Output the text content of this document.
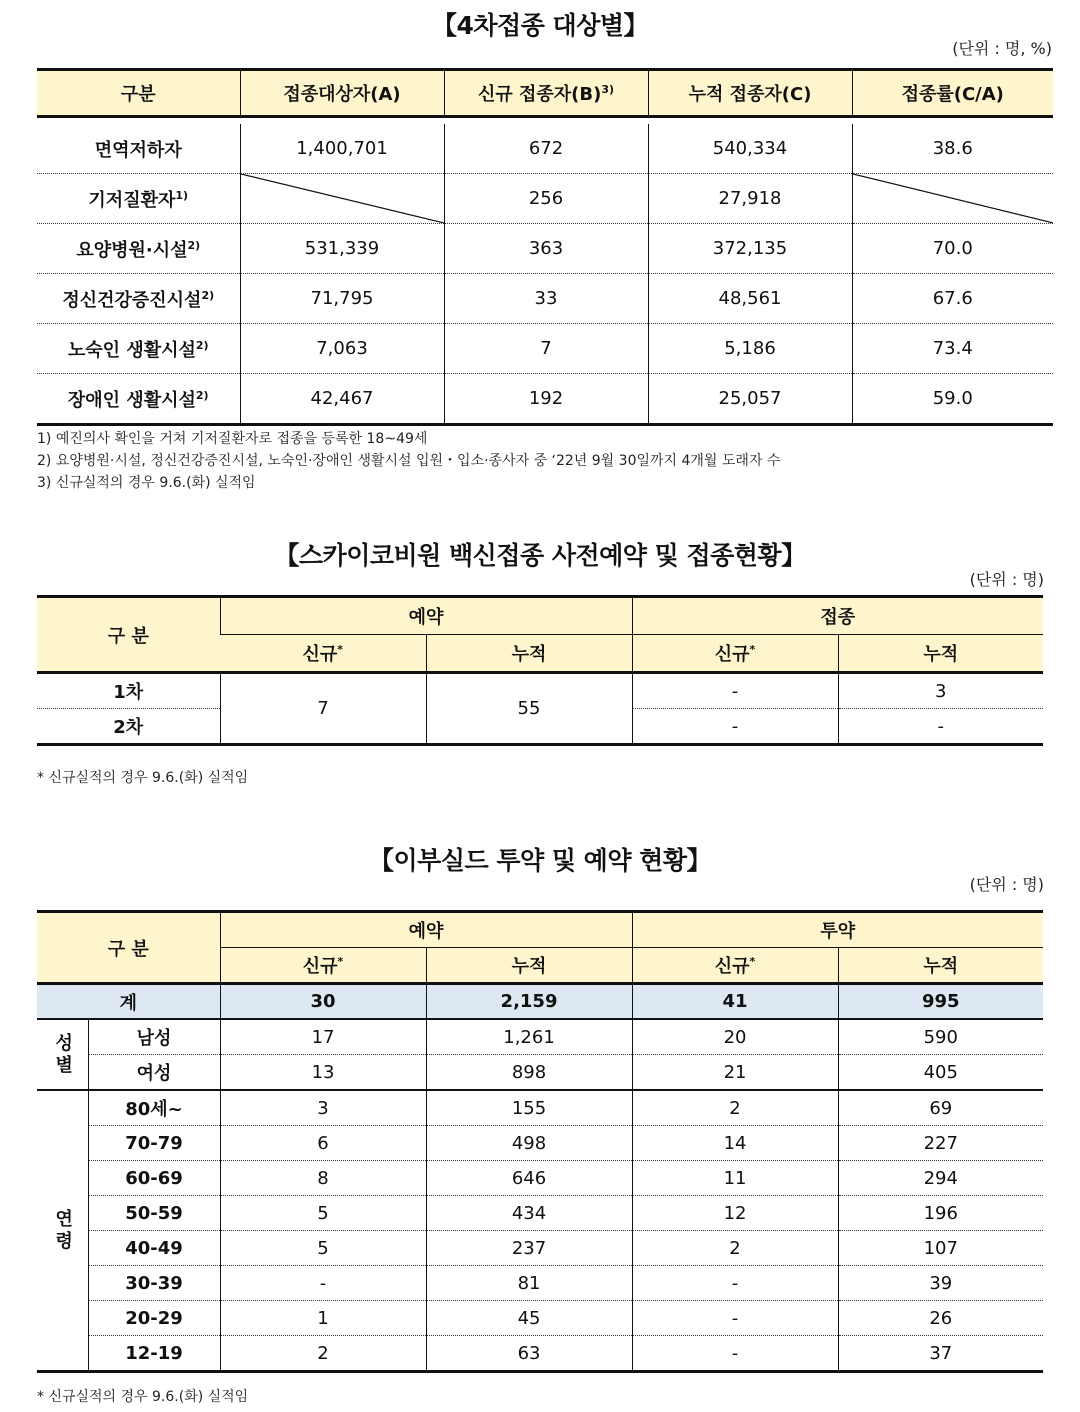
【4차접종 대상별】
(단위 : 명, %)
구분	접종대상자(A)	신규 접종자$(B)^{3)}$	누적 접종자(C)	접종률(C/A)

면역저하자	1,400,701	672	540,334	38.6
기저질환자$^{1)}$		256	27,918	

요양병원·시설$^{2)}$	531,339	363	372,135	70.0
정신건강증진시설$^{2)}$	71,795	33	48,561	67.6
노숙인 생활시설$^{2)}$	7,063	7	5,186	73.4
장애인 생활시설$^{2)}$	42,467	192	25,057	59.0
1) 예진의사 확인을 거쳐 기저질환자로 접종을 등록한 18~49세
2) 요양병원·시설, 정신건강증진시설, 노숙인·장애인 생활시설 입원・입소·종사자 중 ‘22년 9월 30일까지 4개월 도래자 수
3) 신규실적의 경우 9.6.(화) 실적임
【스카이코비원 백신접종 사전예약 및 접종현황】
(단위 : 명)
구 분	예약		접종	
	신규*	누적	신규*	누적
1차	7	55	-	3
2차			-	-
* 신규실적의 경우 9.6.(화) 실적임
【이부실드 투약 및 예약 현황】
(단위 : 명)
구 분		예약		투약	
		신규*	누적	신규*	누적
계		30	2,159	41	995
성별	남성	17	1,261	20	590
	여성	13	898	21	405
연령	80세~	3	155	2	69
	70-79	6	498	14	227
	60-69	8	646	11	294
	50-59	5	434	12	196
	40-49	5	237	2	107
	30-39	-	81	-	39
	20-29	1	45	-	26
	12-19	2	63	-	37
* 신규실적의 경우 9.6.(화) 실적임
